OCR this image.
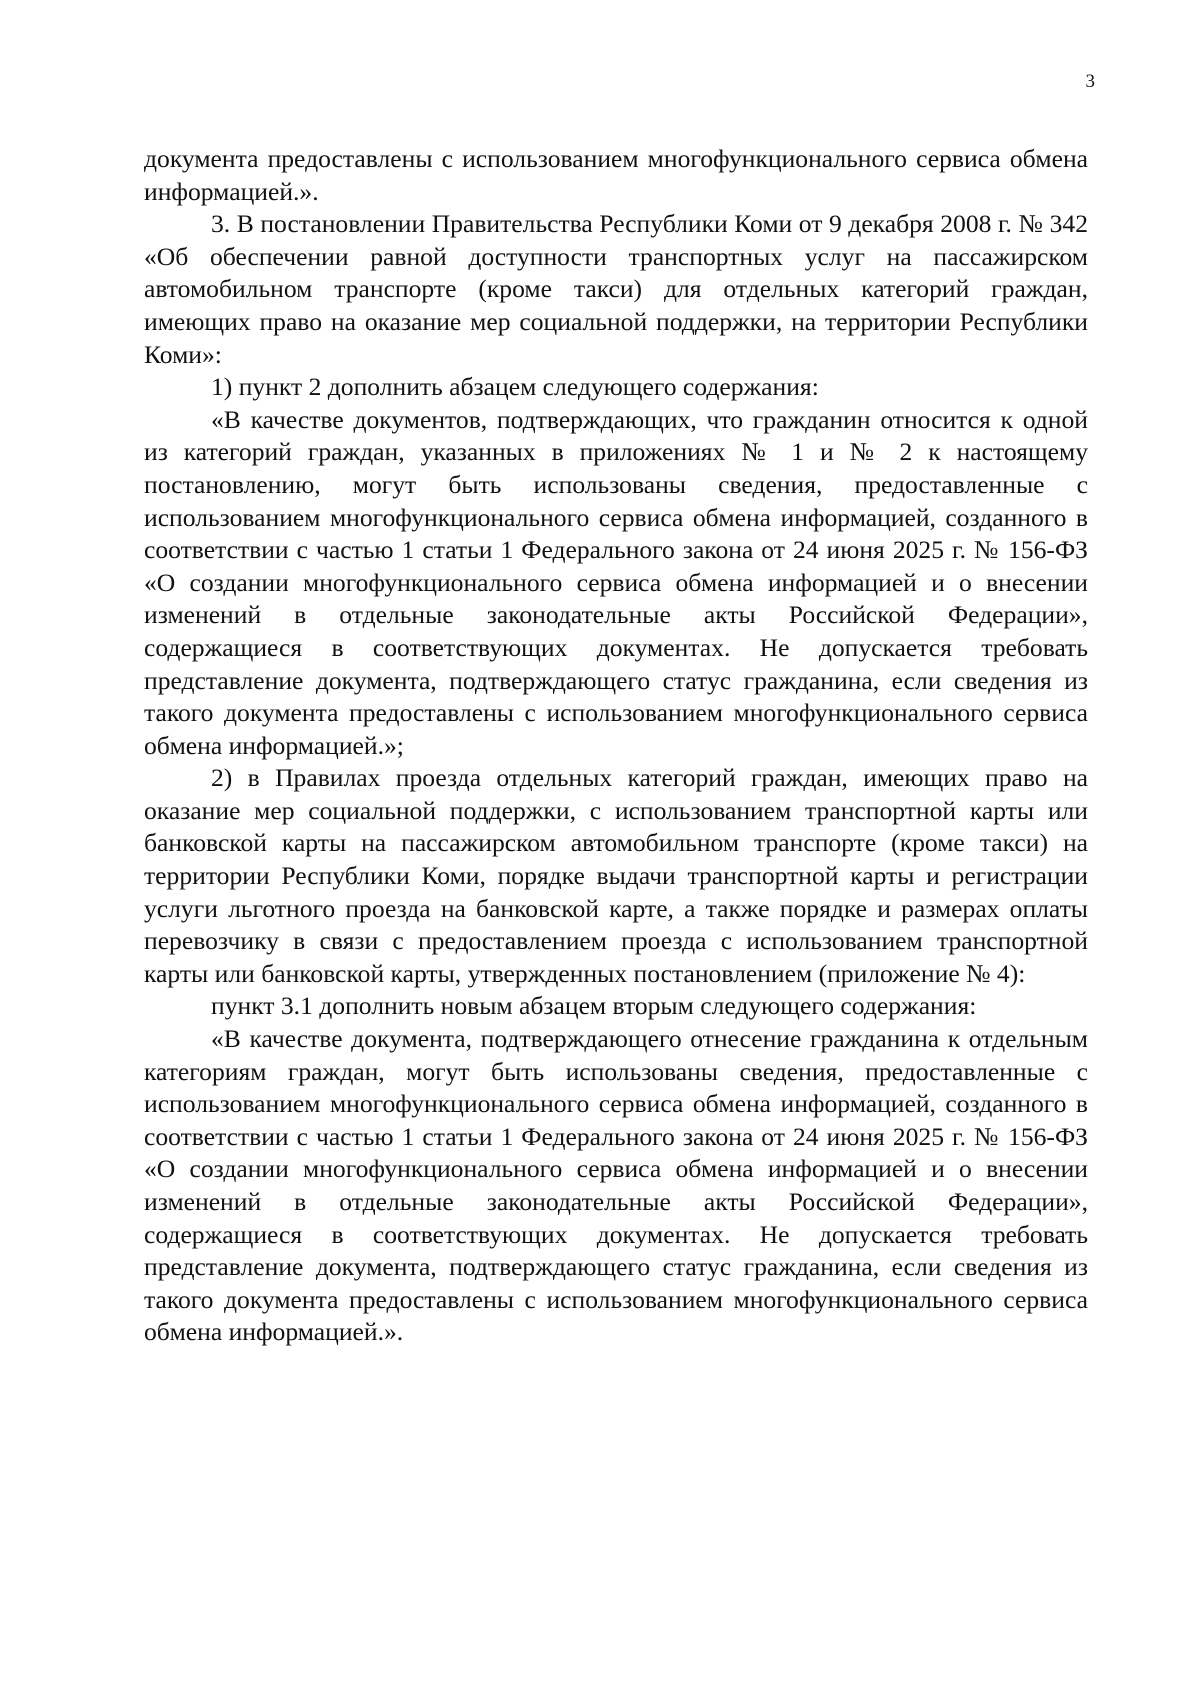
3

документа предоставлены с использованием многофункционального сервиса обмена информацией.».

3. В постановлении Правительства Республики Коми от 9 декабря 2008 г. № 342 «Об обеспечении равной доступности транспортных услуг на пассажирском автомобильном транспорте (кроме такси) для отдельных категорий граждан, имеющих право на оказание мер социальной поддержки, на территории Республики Коми»:

1) пункт 2 дополнить абзацем следующего содержания:

«В качестве документов, подтверждающих, что гражданин относится к одной из категорий граждан, указанных в приложениях № 1 и № 2 к настоящему постановлению, могут быть использованы сведения, предоставленные с использованием многофункционального сервиса обмена информацией, созданного в соответствии с частью 1 статьи 1 Федерального закона от 24 июня 2025 г. № 156-ФЗ «О создании многофункционального сервиса обмена информацией и о внесении изменений в отдельные законодательные акты Российской Федерации», содержащиеся в соответствующих документах. Не допускается требовать представление документа, подтверждающего статус гражданина, если сведения из такого документа предоставлены с использованием многофункционального сервиса обмена информацией.»;

2) в Правилах проезда отдельных категорий граждан, имеющих право на оказание мер социальной поддержки, с использованием транспортной карты или банковской карты на пассажирском автомобильном транспорте (кроме такси) на территории Республики Коми, порядке выдачи транспортной карты и регистрации услуги льготного проезда на банковской карте, а также порядке и размерах оплаты перевозчику в связи с предоставлением проезда с использованием транспортной карты или банковской карты, утвержденных постановлением (приложение № 4):

пункт 3.1 дополнить новым абзацем вторым следующего содержания:

«В качестве документа, подтверждающего отнесение гражданина к отдельным категориям граждан, могут быть использованы сведения, предоставленные с использованием многофункционального сервиса обмена информацией, созданного в соответствии с частью 1 статьи 1 Федерального закона от 24 июня 2025 г. № 156-ФЗ «О создании многофункционального сервиса обмена информацией и о внесении изменений в отдельные законодательные акты Российской Федерации», содержащиеся в соответствующих документах. Не допускается требовать представление документа, подтверждающего статус гражданина, если сведения из такого документа предоставлены с использованием многофункционального сервиса обмена информацией.».
